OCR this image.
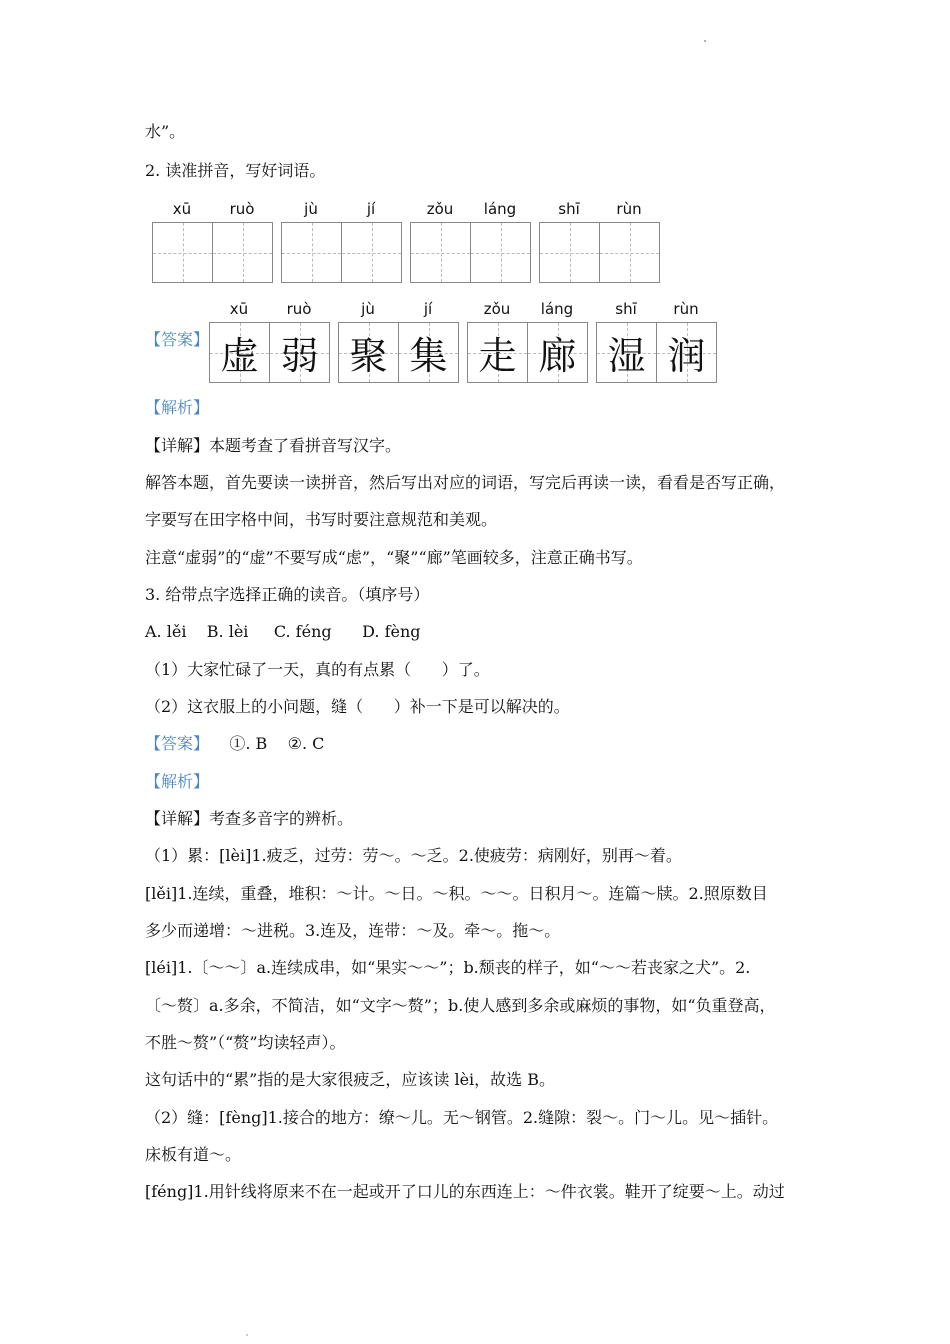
水”。
2. 读准拼音，写好词语。
xū	ruò	jù	jí	zǒu	láng	shī	rùn
【答案】
xū	ruò
虚 弱
jù	jí
聚 集
zǒu	láng
走 廊
shī	rùn
湿 润
【解析】
【详解】本题考查了看拼音写汉字。
解答本题，首先要读一读拼音，然后写出对应的词语，写完后再读一读，看看是否写正确，
字要写在田字格中间，书写时要注意规范和美观。
注意“虚弱”的“虚”不要写成“虑”，“聚”“廊”笔画较多，注意正确书写。
3. 给带点字选择正确的读音。（填序号）
A. lěi    B. lèi     C. féng      D. fèng
（1）大家忙碌了一天，真的有点累（      ）了。
（2）这衣服上的小问题，缝（      ）补一下是可以解决的。
【答案】 ①. B    ②. C
【解析】
【详解】考查多音字的辨析。
（1）累：[lèi]1.疲乏，过劳：劳～。～乏。2.使疲劳：病刚好，别再～着。
[lěi]1.连续，重叠，堆积：～计。～日。～积。～～。日积月～。连篇～牍。2.照原数目
多少而递增：～进税。3.连及，连带：～及。牵～。拖～。
[léi]1.〔～～〕a.连续成串，如“果实～～”；b.颓丧的样子，如“～～若丧家之犬”。2.
〔～赘〕a.多余，不简洁，如“文字～赘”；b.使人感到多余或麻烦的事物，如“负重登高，
不胜～赘”（“赘”均读轻声）。
这句话中的“累”指的是大家很疲乏，应该读 lèi，故选 B。
（2）缝：[fèng]1.接合的地方：缭～儿。无～钢管。2.缝隙：裂～。门～儿。见～插针。
床板有道～。
[féng]1.用针线将原来不在一起或开了口儿的东西连上：～件衣裳。鞋开了绽要～上。动过
